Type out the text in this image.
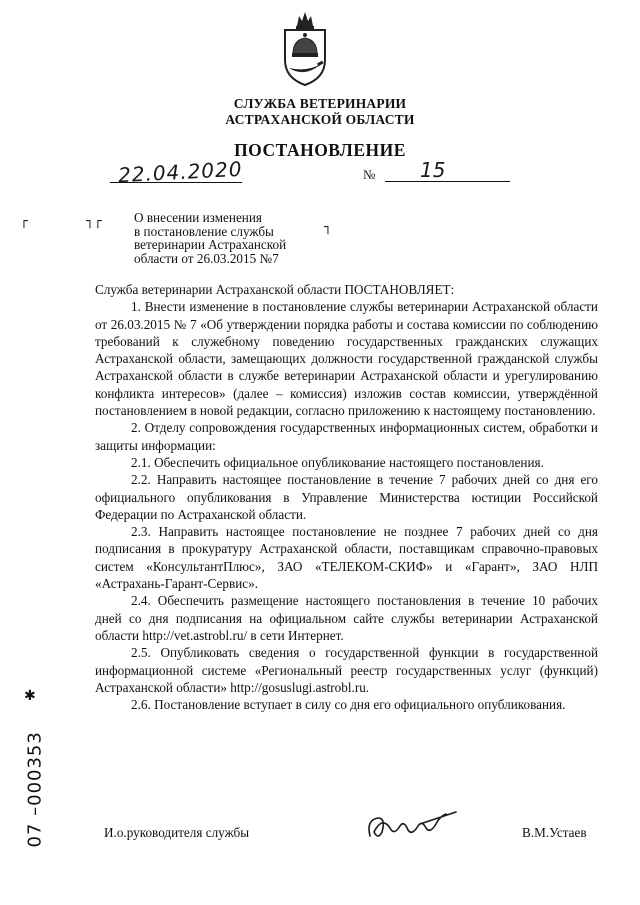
СЛУЖБА ВЕТЕРИНАРИИ
АСТРАХАНСКОЙ ОБЛАСТИ
ПОСТАНОВЛЕНИЕ
22.04.2020	№ 15
┌	┐┌	┐
О внесении изменения
в постановление службы
ветеринарии Астраханской
области от 26.03.2015 №7

Служба ветеринарии Астраханской области ПОСТАНОВЛЯЕТ:

1. Внести изменение в постановление службы ветеринарии Астраханской области от 26.03.2015 № 7 «Об утверждении порядка работы и состава комиссии по соблюдению требований к служебному поведению государственных гражданских служащих Астраханской области, замещающих должности государственной гражданской службы Астраханской области в службе ветеринарии Астраханской области и урегулированию конфликта интересов» (далее – комиссия) изложив состав комиссии, утверждённой постановлением в новой редакции, согласно приложению к настоящему постановлению.

2. Отделу сопровождения государственных информационных систем, обработки и защиты информации:

2.1. Обеспечить официальное опубликование настоящего постановления.

2.2. Направить настоящее постановление в течение 7 рабочих дней со дня его официального опубликования в Управление Министерства юстиции Российской Федерации по Астраханской области.

2.3. Направить настоящее постановление не позднее 7 рабочих дней со дня подписания в прокуратуру Астраханской области, поставщикам справочно-правовых систем «КонсультантПлюс», ЗАО «ТЕЛЕКОМ-СКИФ» и «Гарант», ЗАО НЛП «Астрахань-Гарант-Сервис».

2.4. Обеспечить размещение настоящего постановления в течение 10 рабочих дней со дня подписания на официальном сайте службы ветеринарии Астраханской области http://vet.astrobl.ru/ в сети Интернет.

2.5. Опубликовать сведения о государственной функции в государственной информационной системе «Региональный реестр государственных услуг (функций) Астраханской области» http://gosuslugi.astrobl.ru.

2.6. Постановление вступает в силу со дня его официального опубликования.

✱
07 –000353	И.о.руководителя службы	В.М.Устаев
